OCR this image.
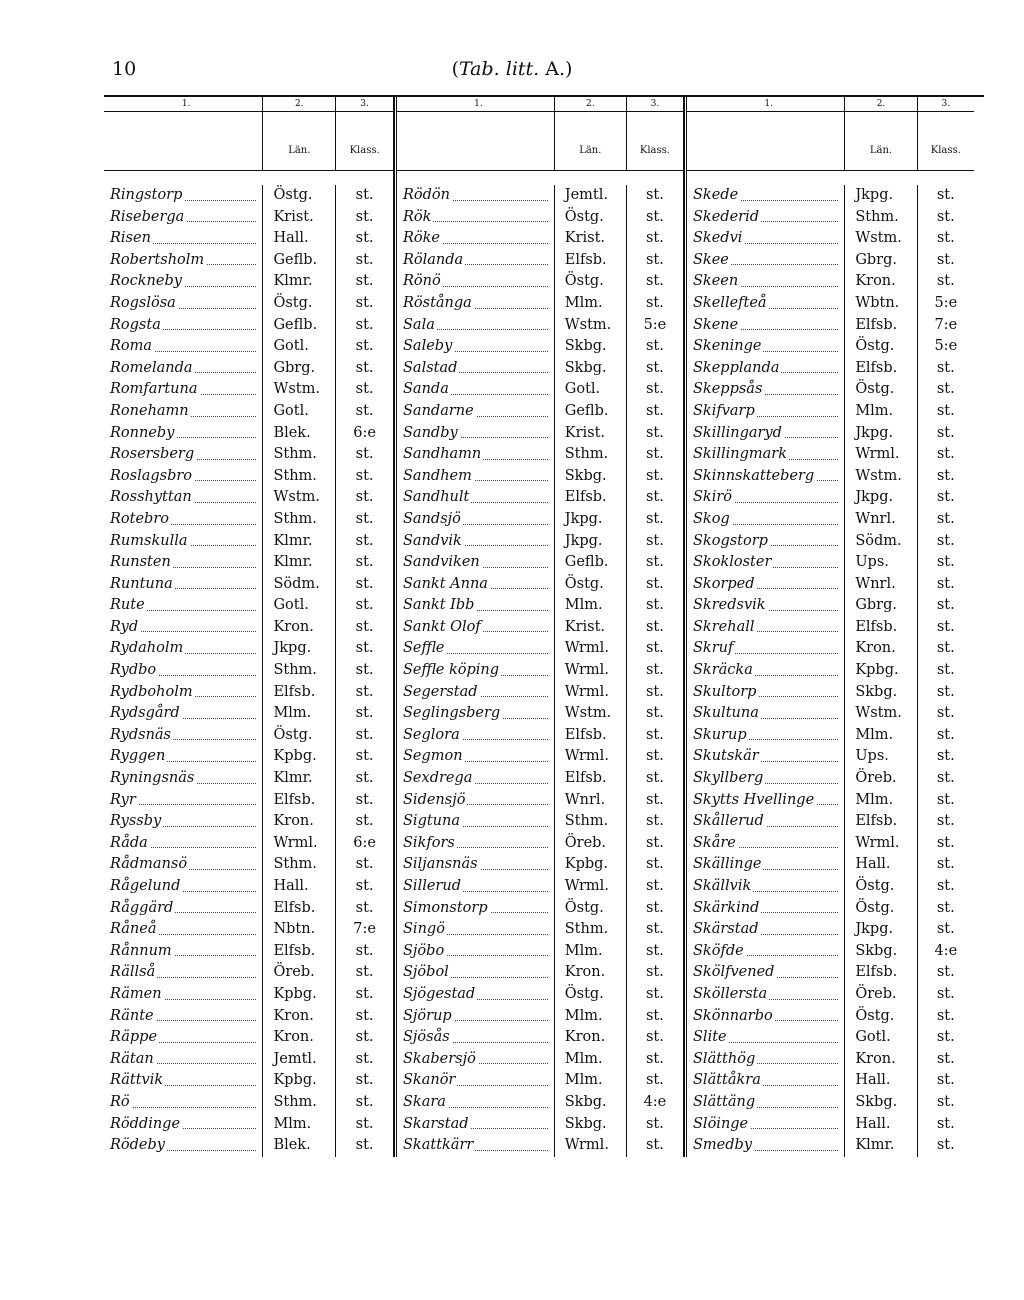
10	(Tab. litt. A.)
1.	2.	3.
Län.	Klass.
Ringstorp	Östg.	st.
Riseberga	Krist.	st.
Risen	Hall.	st.
Robertsholm	Geflb.	st.
Rockneby	Klmr.	st.
Rogslösa	Östg.	st.
Rogsta	Geflb.	st.
Roma	Gotl.	st.
Romelanda	Gbrg.	st.
Romfartuna	Wstm.	st.
Ronehamn	Gotl.	st.
Ronneby	Blek.	6:e
Rosersberg	Sthm.	st.
Roslagsbro	Sthm.	st.
Rosshyttan	Wstm.	st.
Rotebro	Sthm.	st.
Rumskulla	Klmr.	st.
Runsten	Klmr.	st.
Runtuna	Södm.	st.
Rute	Gotl.	st.
Ryd	Kron.	st.
Rydaholm	Jkpg.	st.
Rydbo	Sthm.	st.
Rydboholm	Elfsb.	st.
Rydsgård	Mlm.	st.
Rydsnäs	Östg.	st.
Ryggen	Kpbg.	st.
Ryningsnäs	Klmr.	st.
Ryr	Elfsb.	st.
Ryssby	Kron.	st.
Råda	Wrml.	6:e
Rådmansö	Sthm.	st.
Rågelund	Hall.	st.
Råggärd	Elfsb.	st.
Råneå	Nbtn.	7:e
Rånnum	Elfsb.	st.
Rällså	Öreb.	st.
Rämen	Kpbg.	st.
Ränte	Kron.	st.
Räppe	Kron.	st.
Rätan	Jemtl.	st.
Rättvik	Kpbg.	st.
Rö	Sthm.	st.
Röddinge	Mlm.	st.
Rödeby	Blek.	st.
1.	2.	3.
Län.	Klass.
Rödön	Jemtl.	st.
Rök	Östg.	st.
Röke	Krist.	st.
Rölanda	Elfsb.	st.
Rönö	Östg.	st.
Röstånga	Mlm.	st.
Sala	Wstm.	5:e
Saleby	Skbg.	st.
Salstad	Skbg.	st.
Sanda	Gotl.	st.
Sandarne	Geflb.	st.
Sandby	Krist.	st.
Sandhamn	Sthm.	st.
Sandhem	Skbg.	st.
Sandhult	Elfsb.	st.
Sandsjö	Jkpg.	st.
Sandvik	Jkpg.	st.
Sandviken	Geflb.	st.
Sankt Anna	Östg.	st.
Sankt Ibb	Mlm.	st.
Sankt Olof	Krist.	st.
Seffle	Wrml.	st.
Seffle köping	Wrml.	st.
Segerstad	Wrml.	st.
Seglingsberg	Wstm.	st.
Seglora	Elfsb.	st.
Segmon	Wrml.	st.
Sexdrega	Elfsb.	st.
Sidensjö	Wnrl.	st.
Sigtuna	Sthm.	st.
Sikfors	Öreb.	st.
Siljansnäs	Kpbg.	st.
Sillerud	Wrml.	st.
Simonstorp	Östg.	st.
Singö	Sthm.	st.
Sjöbo	Mlm.	st.
Sjöbol	Kron.	st.
Sjögestad	Östg.	st.
Sjörup	Mlm.	st.
Sjösås	Kron.	st.
Skabersjö	Mlm.	st.
Skanör	Mlm.	st.
Skara	Skbg.	4:e
Skarstad	Skbg.	st.
Skattkärr	Wrml.	st.
1.	2.	3.
Län.	Klass.
Skede	Jkpg.	st.
Skederid	Sthm.	st.
Skedvi	Wstm.	st.
Skee	Gbrg.	st.
Skeen	Kron.	st.
Skellefteå	Wbtn.	5:e
Skene	Elfsb.	7:e
Skeninge	Östg.	5:e
Skepplanda	Elfsb.	st.
Skeppsås	Östg.	st.
Skifvarp	Mlm.	st.
Skillingaryd	Jkpg.	st.
Skillingmark	Wrml.	st.
Skinnskatteberg	Wstm.	st.
Skirö	Jkpg.	st.
Skog	Wnrl.	st.
Skogstorp	Södm.	st.
Skokloster	Ups.	st.
Skorped	Wnrl.	st.
Skredsvik	Gbrg.	st.
Skrehall	Elfsb.	st.
Skruf	Kron.	st.
Skräcka	Kpbg.	st.
Skultorp	Skbg.	st.
Skultuna	Wstm.	st.
Skurup	Mlm.	st.
Skutskär	Ups.	st.
Skyllberg	Öreb.	st.
Skytts Hvellinge	Mlm.	st.
Skållerud	Elfsb.	st.
Skåre	Wrml.	st.
Skällinge	Hall.	st.
Skällvik	Östg.	st.
Skärkind	Östg.	st.
Skärstad	Jkpg.	st.
Sköfde	Skbg.	4:e
Skölfvened	Elfsb.	st.
Sköllersta	Öreb.	st.
Skönnarbo	Östg.	st.
Slite	Gotl.	st.
Slätthög	Kron.	st.
Slättåkra	Hall.	st.
Slättäng	Skbg.	st.
Slöinge	Hall.	st.
Smedby	Klmr.	st.
